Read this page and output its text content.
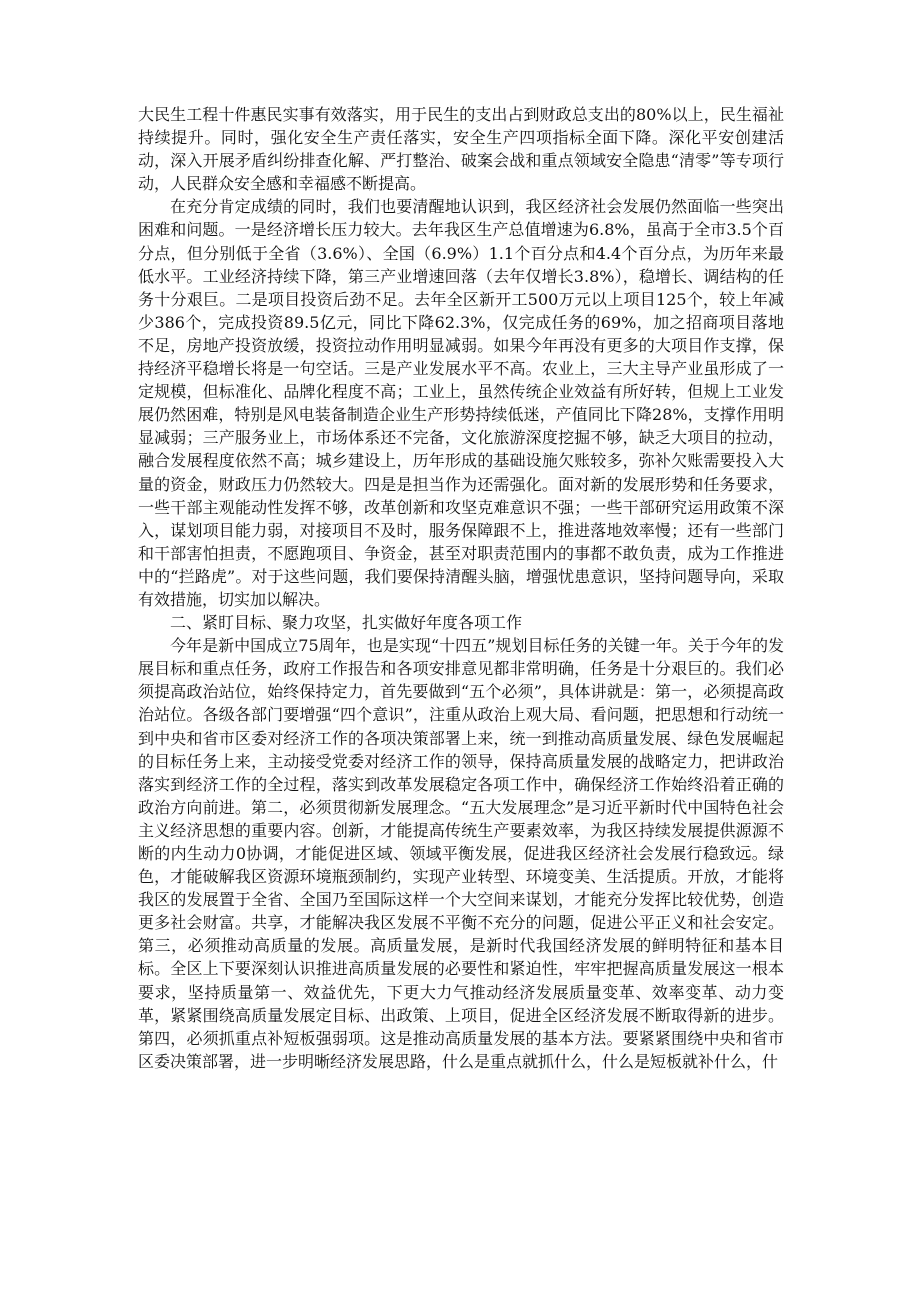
大民生工程十件惠民实事有效落实，用于民生的支出占到财政总支出的80%以上，民生福祉持续提升。同时，强化安全生产责任落实，安全生产四项指标全面下降。深化平安创建活动，深入开展矛盾纠纷排查化解、严打整治、破案会战和重点领域安全隐患“清零”等专项行动，人民群众安全感和幸福感不断提高。

在充分肯定成绩的同时，我们也要清醒地认识到，我区经济社会发展仍然面临一些突出困难和问题。一是经济增长压力较大。去年我区生产总值增速为6.8%，虽高于全市3.5个百分点，但分别低于全省（3.6%）、全国（6.9%）1.1个百分点和4.4个百分点，为历年来最低水平。工业经济持续下降，第三产业增速回落（去年仅增长3.8%），稳增长、调结构的任务十分艰巨。二是项目投资后劲不足。去年全区新开工500万元以上项目125个，较上年减少386个，完成投资89.5亿元，同比下降62.3%，仅完成任务的69%，加之招商项目落地不足，房地产投资放缓，投资拉动作用明显减弱。如果今年再没有更多的大项目作支撑，保持经济平稳增长将是一句空话。三是产业发展水平不高。农业上，三大主导产业虽形成了一定规模，但标准化、品牌化程度不高；工业上，虽然传统企业效益有所好转，但规上工业发展仍然困难，特别是风电装备制造企业生产形势持续低迷，产值同比下降28%，支撑作用明显减弱；三产服务业上，市场体系还不完备，文化旅游深度挖掘不够，缺乏大项目的拉动，融合发展程度依然不高；城乡建设上，历年形成的基础设施欠账较多，弥补欠账需要投入大量的资金，财政压力仍然较大。四是是担当作为还需强化。面对新的发展形势和任务要求，一些干部主观能动性发挥不够，改革创新和攻坚克难意识不强；一些干部研究运用政策不深入，谋划项目能力弱，对接项目不及时，服务保障跟不上，推进落地效率慢；还有一些部门和干部害怕担责，不愿跑项目、争资金，甚至对职责范围内的事都不敢负责，成为工作推进中的“拦路虎”。对于这些问题，我们要保持清醒头脑，增强忧患意识，坚持问题导向，采取有效措施，切实加以解决。

二、紧盯目标、聚力攻坚，扎实做好年度各项工作

今年是新中国成立75周年，也是实现“十四五”规划目标任务的关键一年。关于今年的发展目标和重点任务，政府工作报告和各项安排意见都非常明确，任务是十分艰巨的。我们必须提高政治站位，始终保持定力，首先要做到“五个必须”，具体讲就是：第一，必须提高政治站位。各级各部门要增强“四个意识”，注重从政治上观大局、看问题，把思想和行动统一到中央和省市区委对经济工作的各项决策部署上来，统一到推动高质量发展、绿色发展崛起的目标任务上来，主动接受党委对经济工作的领导，保持高质量发展的战略定力，把讲政治落实到经济工作的全过程，落实到改革发展稳定各项工作中，确保经济工作始终沿着正确的政治方向前进。第二，必须贯彻新发展理念。“五大发展理念”是习近平新时代中国特色社会主义经济思想的重要内容。创新，才能提高传统生产要素效率，为我区持续发展提供源源不断的内生动力0协调，才能促进区域、领域平衡发展，促进我区经济社会发展行稳致远。绿色，才能破解我区资源环境瓶颈制约，实现产业转型、环境变美、生活提质。开放，才能将我区的发展置于全省、全国乃至国际这样一个大空间来谋划，才能充分发挥比较优势，创造更多社会财富。共享，才能解决我区发展不平衡不充分的问题，促进公平正义和社会安定。第三，必须推动高质量的发展。高质量发展，是新时代我国经济发展的鲜明特征和基本目标。全区上下要深刻认识推进高质量发展的必要性和紧迫性，牢牢把握高质量发展这一根本要求，坚持质量第一、效益优先，下更大力气推动经济发展质量变革、效率变革、动力变革，紧紧围绕高质量发展定目标、出政策、上项目，促进全区经济发展不断取得新的进步。第四，必须抓重点补短板强弱项。这是推动高质量发展的基本方法。要紧紧围绕中央和省市区委决策部署，进一步明晰经济发展思路，什么是重点就抓什么，什么是短板就补什么，什
